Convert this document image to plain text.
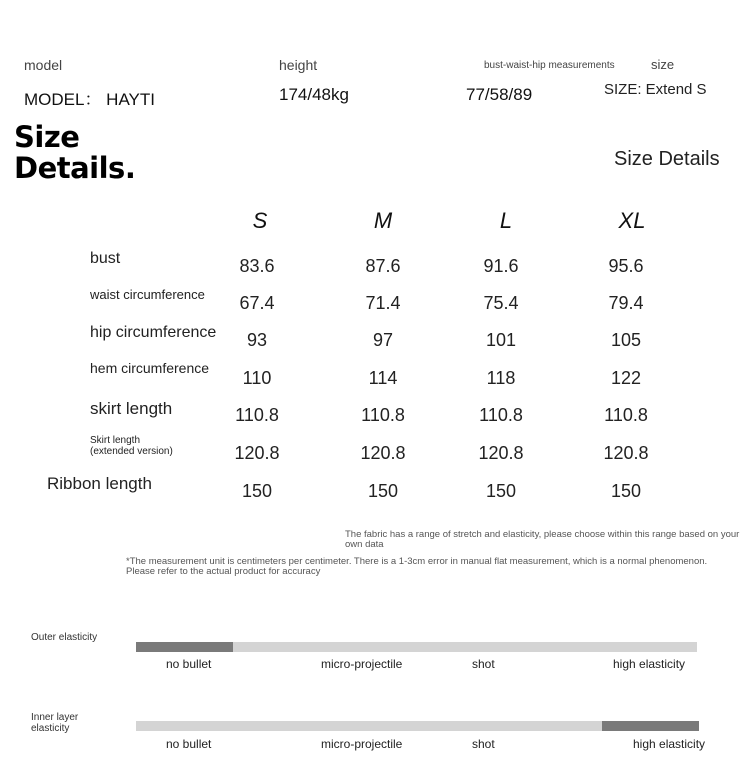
model
MODEL： HAYTI
height
174/48kg
bust-waist-hip measurements
77/58/89
size
SIZE: Extend S
Size
Details.	Size Details
S	M	L	XL
bust	83.6	87.6	91.6	95.6
waist circumference	67.4	71.4	75.4	79.4
hip circumference	93	97	101	105
hem circumference	110	114	118	122
skirt length	110.8	110.8	110.8	110.8
Skirt length
(extended version)	120.8	120.8	120.8	120.8
Ribbon length	150	150	150	150
The fabric has a range of stretch and elasticity, please choose within this range based on your own data
*The measurement unit is centimeters per centimeter. There is a 1-3cm error in manual flat measurement, which is a normal phenomenon. Please refer to the actual product for accuracy
Outer elasticity
no bullet	micro-projectile	shot	high elasticity
Inner layer elasticity
no bullet	micro-projectile	shot	high elasticity
